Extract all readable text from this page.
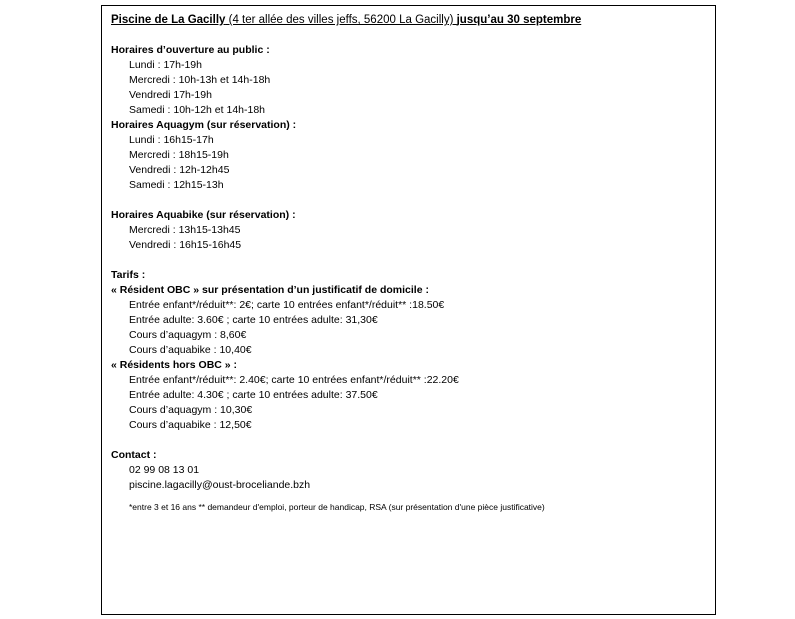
Piscine de La Gacilly (4 ter allée des villes jeffs, 56200 La Gacilly) jusqu’au 30 septembre
Horaires d’ouverture au public :
Lundi : 17h-19h
Mercredi : 10h-13h et 14h-18h
Vendredi 17h-19h
Samedi : 10h-12h et 14h-18h
Horaires Aquagym (sur réservation) :
Lundi : 16h15-17h
Mercredi : 18h15-19h
Vendredi : 12h-12h45
Samedi : 12h15-13h
Horaires Aquabike (sur réservation) :
Mercredi : 13h15-13h45
Vendredi : 16h15-16h45
Tarifs :
« Résident OBC » sur présentation d’un justificatif de domicile :
Entrée enfant*/réduit**: 2€; carte 10 entrées enfant*/réduit** :18.50€
Entrée adulte: 3.60€ ; carte 10 entrées adulte: 31,30€
Cours d’aquagym : 8,60€
Cours d’aquabike : 10,40€
« Résidents hors OBC » :
Entrée enfant*/réduit**: 2.40€; carte 10 entrées enfant*/réduit** :22.20€
Entrée adulte: 4.30€ ; carte 10 entrées adulte: 37.50€
Cours d’aquagym : 10,30€
Cours d’aquabike : 12,50€
Contact :
02 99 08 13 01
piscine.lagacilly@oust-broceliande.bzh
*entre 3 et 16 ans ** demandeur d'emploi, porteur de handicap, RSA (sur présentation d'une pièce justificative)
